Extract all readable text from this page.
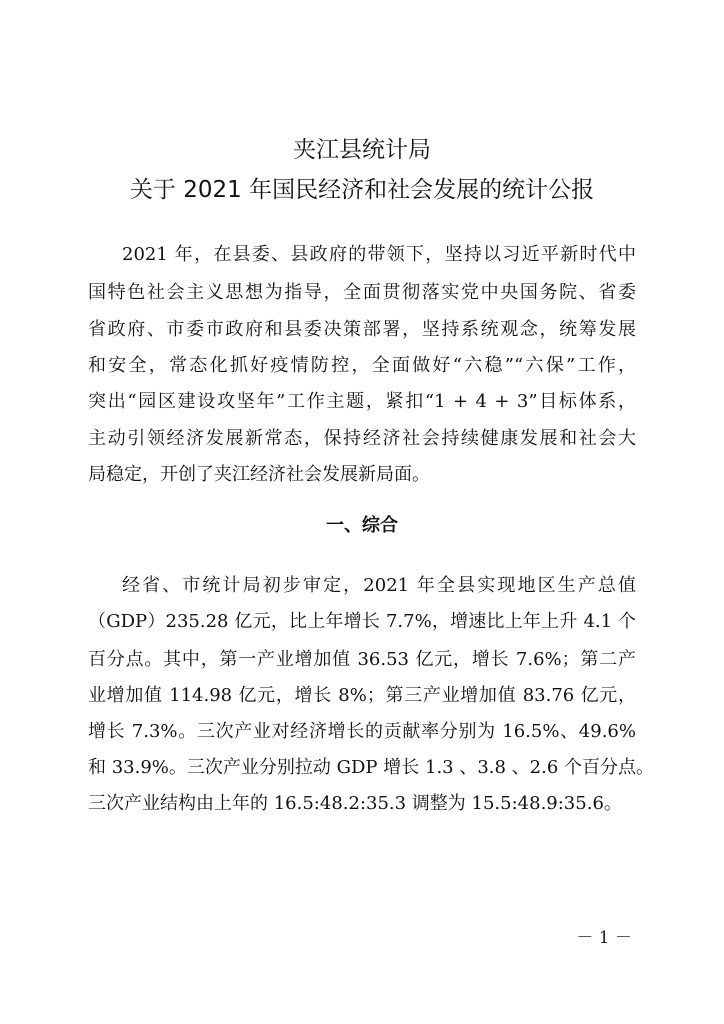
夹江县统计局
关于 2021 年国民经济和社会发展的统计公报
2021 年，在县委、县政府的带领下，坚持以习近平新时代中
国特色社会主义思想为指导，全面贯彻落实党中央国务院、省委
省政府、市委市政府和县委决策部署，坚持系统观念，统筹发展
和安全，常态化抓好疫情防控，全面做好“六稳”“六保”工作，
突出“园区建设攻坚年”工作主题，紧扣“1 + 4 + 3”目标体系，
主动引领经济发展新常态，保持经济社会持续健康发展和社会大
局稳定，开创了夹江经济社会发展新局面。
一、综合
经省、市统计局初步审定，2021 年全县实现地区生产总值
（GDP）235.28 亿元，比上年增长 7.7%，增速比上年上升 4.1 个
百分点。其中，第一产业增加值 36.53 亿元，增长 7.6%；第二产
业增加值 114.98 亿元，增长 8%；第三产业增加值 83.76 亿元，
增长 7.3%。三次产业对经济增长的贡献率分别为 16.5%、49.6%
和 33.9%。三次产业分别拉动 GDP 增长 1.3 、3.8 、2.6 个百分点。
三次产业结构由上年的 16.5:48.2:35.3 调整为 15.5:48.9:35.6。
－ 1 －
